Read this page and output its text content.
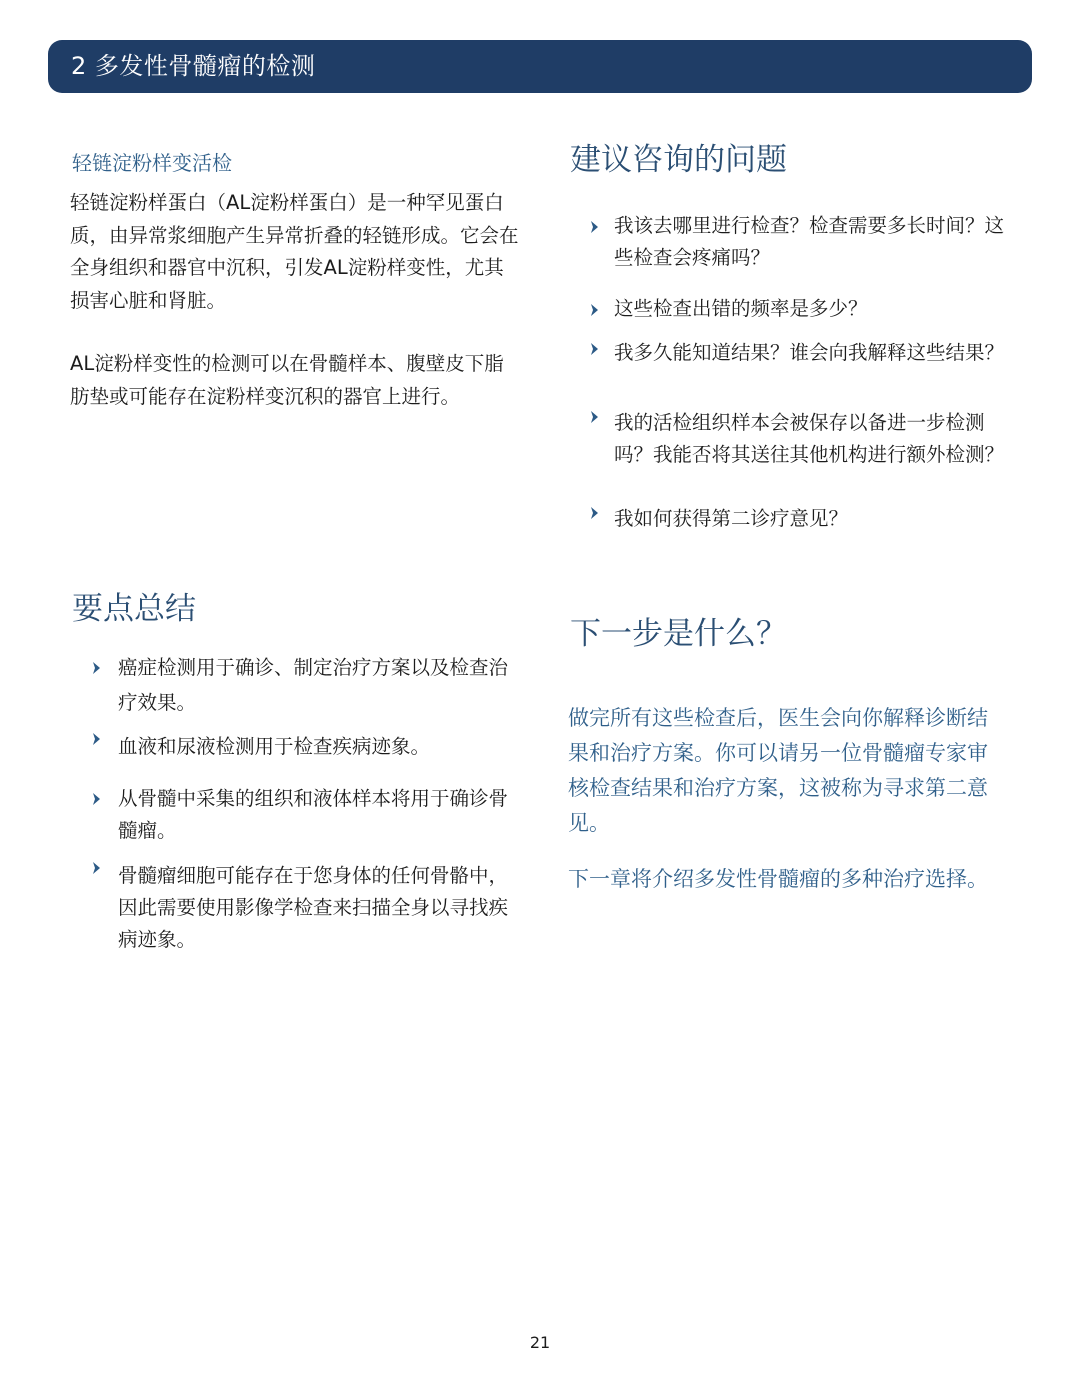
2 多发性骨髓瘤的检测
轻链淀粉样变活检
轻链淀粉样蛋白（AL淀粉样蛋白）是一种罕见蛋白质，由异常浆细胞产生异常折叠的轻链形成。它会在全身组织和器官中沉积，引发AL淀粉样变性，尤其损害心脏和肾脏。
AL淀粉样变性的检测可以在骨髓样本、腹壁皮下脂肪垫或可能存在淀粉样变沉积的器官上进行。
建议咨询的问题
我该去哪里进行检查？检查需要多长时间？这些检查会疼痛吗？
这些检查出错的频率是多少？
我多久能知道结果？谁会向我解释这些结果？
我的活检组织样本会被保存以备进一步检测吗？我能否将其送往其他机构进行额外检测？
我如何获得第二诊疗意见？
要点总结
癌症检测用于确诊、制定治疗方案以及检查治疗效果。
血液和尿液检测用于检查疾病迹象。
从骨髓中采集的组织和液体样本将用于确诊骨髓瘤。
骨髓瘤细胞可能存在于您身体的任何骨骼中，因此需要使用影像学检查来扫描全身以寻找疾病迹象。
下一步是什么？
做完所有这些检查后，医生会向你解释诊断结果和治疗方案。你可以请另一位骨髓瘤专家审核检查结果和治疗方案，这被称为寻求第二意见。
下一章将介绍多发性骨髓瘤的多种治疗选择。
21
